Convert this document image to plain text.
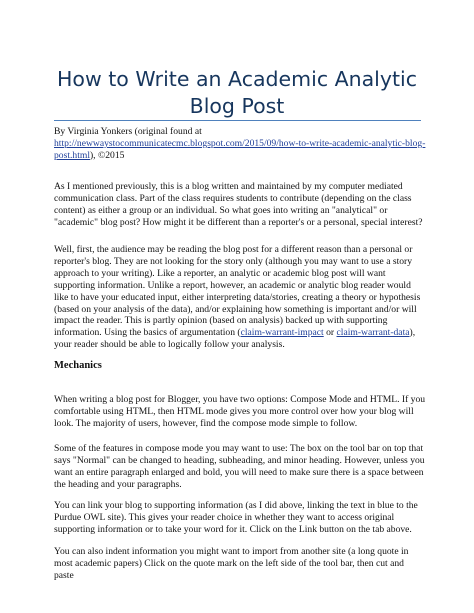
How to Write an Academic Analytic
Blog Post

By Virginia Yonkers (original found at http://newwaystocommunicatecmc.blogspot.com/2015/09/how-to-write-academic-analytic-blog-post.html), ©2015

As I mentioned previously, this is a blog written and maintained by my computer mediated communication class. Part of the class requires students to contribute (depending on the class content) as either a group or an individual. So what goes into writing an "analytical" or "academic" blog post? How might it be different than a reporter's or a personal, special interest?

Well, first, the audience may be reading the blog post for a different reason than a personal or reporter's blog. They are not looking for the story only (although you may want to use a story approach to your writing). Like a reporter, an analytic or academic blog post will want supporting information. Unlike a report, however, an academic or analytic blog reader would like to have your educated input, either interpreting data/stories, creating a theory or hypothesis (based on your analysis of the data), and/or explaining how something is important and/or will impact the reader. This is partly opinion (based on analysis) backed up with supporting information. Using the basics of argumentation (claim-warrant-impact or claim-warrant-data), your reader should be able to logically follow your analysis.

Mechanics

When writing a blog post for Blogger, you have two options: Compose Mode and HTML. If you comfortable using HTML, then HTML mode gives you more control over how your blog will look. The majority of users, however, find the compose mode simple to follow.

Some of the features in compose mode you may want to use: The box on the tool bar on top that says "Normal" can be changed to heading, subheading, and minor heading. However, unless you want an entire paragraph enlarged and bold, you will need to make sure there is a space between the heading and your paragraphs.

You can link your blog to supporting information (as I did above, linking the text in blue to the Purdue OWL site). This gives your reader choice in whether they want to access original supporting information or to take your word for it. Click on the Link button on the tab above.

You can also indent information you might want to import from another site (a long quote in most academic papers) Click on the quote mark on the left side of the tool bar, then cut and paste
